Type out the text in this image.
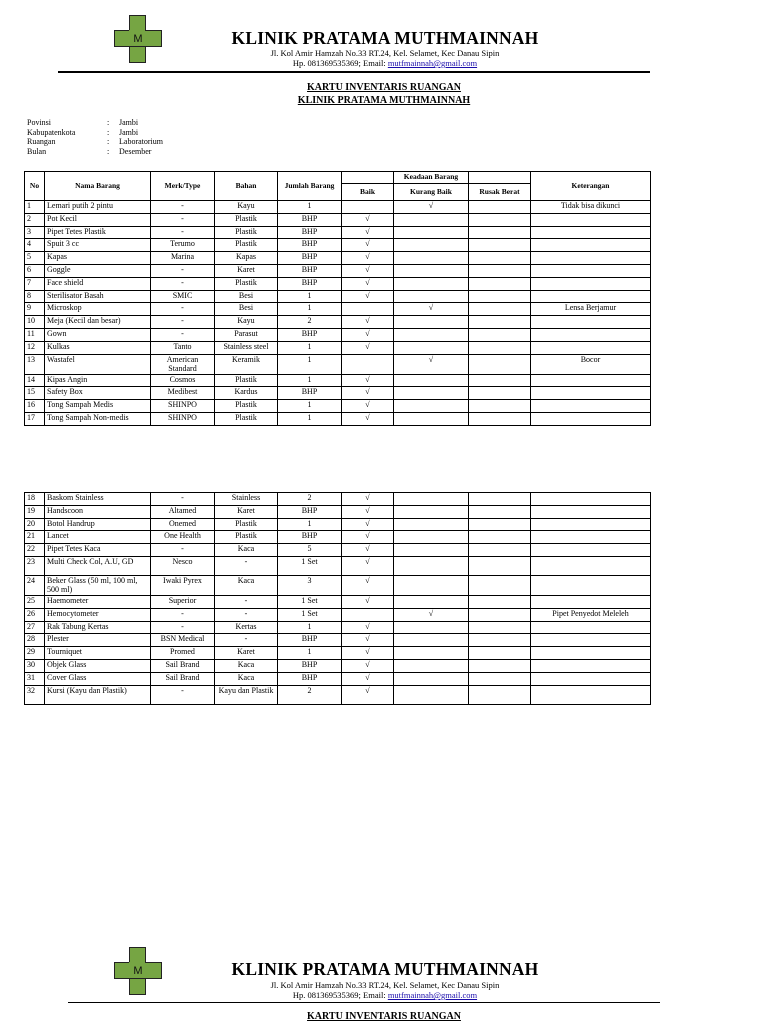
M	KLINIK PRATAMA MUTHMAINNAH
Jl. Kol Amir Hamzah No.33 RT.24, Kel. Selamet, Kec Danau Sipin
Hp. 081369535369; Email: mutfmainnah@gmail.com
KARTU INVENTARIS RUANGAN
KLINIK PRATAMA MUTHMAINNAH
Povinsi	: Jambi
Kabupatenkota	: Jambi
Ruangan	: Laboratorium
Bulan	: Desember
No	Nama Barang	Merk/Type	Bahan	Jumlah Barang		Keadaan Barang		Keterangan
					Baik	Kurang Baik	Rusak Berat	
1	Lemari putih 2 pintu	-	Kayu	1		√		Tidak bisa dikunci
2	Pot Kecil	-	Plastik	BHP	√			
3	Pipet Tetes Plastik	-	Plastik	BHP	√			
4	Spuit 3 cc	Terumo	Plastik	BHP	√			
5	Kapas	Marina	Kapas	BHP	√			
6	Goggle	-	Karet	BHP	√			
7	Face shield	-	Plastik	BHP	√			
8	Sterilisator Basah	SMIC	Besi	1	√			
9	Microskop	-	Besi	1		√		Lensa Berjamur
10	Meja (Kecil dan besar)	-	Kayu	2	√			
11	Gown	-	Parasut	BHP	√			
12	Kulkas	Tanto	Stainless steel	1	√			
13	Wastafel	American Standard	Keramik	1		√		Bocor
14	Kipas Angin	Cosmos	Plastik	1	√			
15	Safety Box	Medibest	Kardus	BHP	√			
16	Tong Sampah Medis	SHINPO	Plastik	1	√			
17	Tong Sampah Non-medis	SHINPO	Plastik	1	√			
18	Baskom Stainless	-	Stainless	2	√			
19	Handscoon	Altamed	Karet	BHP	√			
20	Botol Handrup	Onemed	Plastik	1	√			
21	Lancet	One Health	Plastik	BHP	√			
22	Pipet Tetes Kaca	-	Kaca	5	√			
23	Multi Check Col, A.U, GD	Nesco	-	1 Set	√			
24	Beker Glass (50 ml, 100 ml, 500 ml)	Iwaki Pyrex	Kaca	3	√			
25	Haemometer	Superior	-	1 Set	√			
26	Hemocytometer	-	-	1 Set		√		Pipet Penyedot Meleleh
27	Rak Tabung Kertas	-	Kertas	1	√			
28	Plester	BSN Medical	-	BHP	√			
29	Tourniquet	Promed	Karet	1	√			
30	Objek Glass	Sail Brand	Kaca	BHP	√			
31	Cover Glass	Sail Brand	Kaca	BHP	√			
32	Kursi (Kayu dan Plastik)	-	Kayu dan Plastik	2	√			
M	KLINIK PRATAMA MUTHMAINNAH
Jl. Kol Amir Hamzah No.33 RT.24, Kel. Selamet, Kec Danau Sipin
Hp. 081369535369; Email: mutfmainnah@gmail.com
KARTU INVENTARIS RUANGAN
